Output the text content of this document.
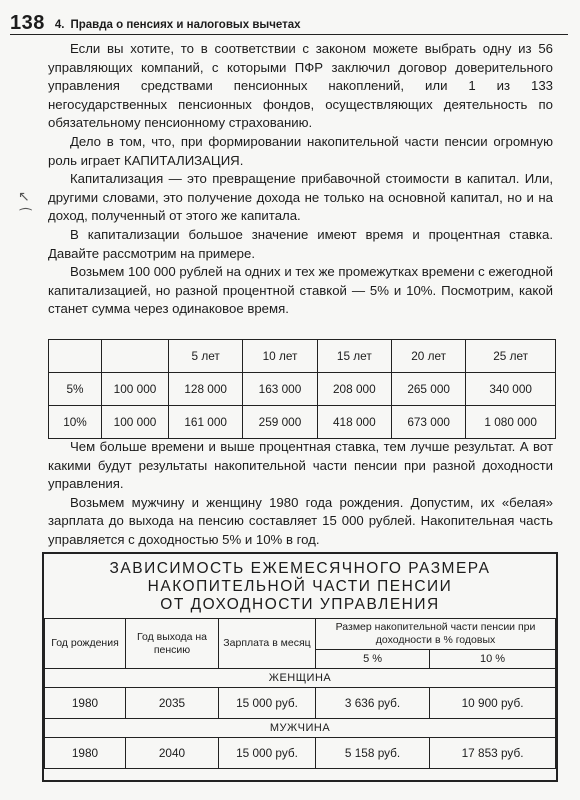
138 4. Правда о пенсиях и налоговых вычетах

Если вы хотите, то в соответствии с законом можете выбрать одну из 56 управляющих компаний, с которыми ПФР заключил договор доверительного управления средствами пенсионных накоплений, или 1 из 133 негосударственных пенсионных фондов, осуществляющих деятельность по обязательному пенсионному страхованию.

Дело в том, что, при формировании накопительной части пенсии огромную роль играет КАПИТАЛИЗАЦИЯ.

Капитализация — это превращение прибавочной стоимости в капитал. Или, другими словами, это получение дохода не только на основной капитал, но и на доход, полученный от этого же капитала.

В капитализации большое значение имеют время и процентная ставка. Давайте рассмотрим на примере.

Возьмем 100 000 рублей на одних и тех же промежутках времени с ежегодной капитализацией, но разной процентной ставкой — 5% и 10%. Посмотрим, какой станет сумма через одинаковое время.

		5 лет	10 лет	15 лет	20 лет	25 лет
5%	100 000	128 000	163 000	208 000	265 000	340 000
10%	100 000	161 000	259 000	418 000	673 000	1 080 000

Чем больше времени и выше процентная ставка, тем лучше результат. А вот какими будут результаты накопительной части пенсии при разной доходности управления.

Возьмем мужчину и женщину 1980 года рождения. Допустим, их «белая» зарплата до выхода на пенсию составляет 15 000 рублей. Накопительная часть управляется с доходностью 5% и 10% в год.

ЗАВИСИМОСТЬ ЕЖЕМЕСЯЧНОГО РАЗМЕРА
НАКОПИТЕЛЬНОЙ ЧАСТИ ПЕНСИИ
ОТ ДОХОДНОСТИ УПРАВЛЕНИЯ
Год рождения	Год выхода на пенсию	Зарплата в месяц	Размер накопительной части пенсии при доходности в % годовых	
			5 %	10 %
ЖЕНЩИНА				
1980	2035	15 000 руб.	3 636 руб.	10 900 руб.
МУЖЧИНА				
1980	2040	15 000 руб.	5 158 руб.	17 853 руб.
↖
⁀
